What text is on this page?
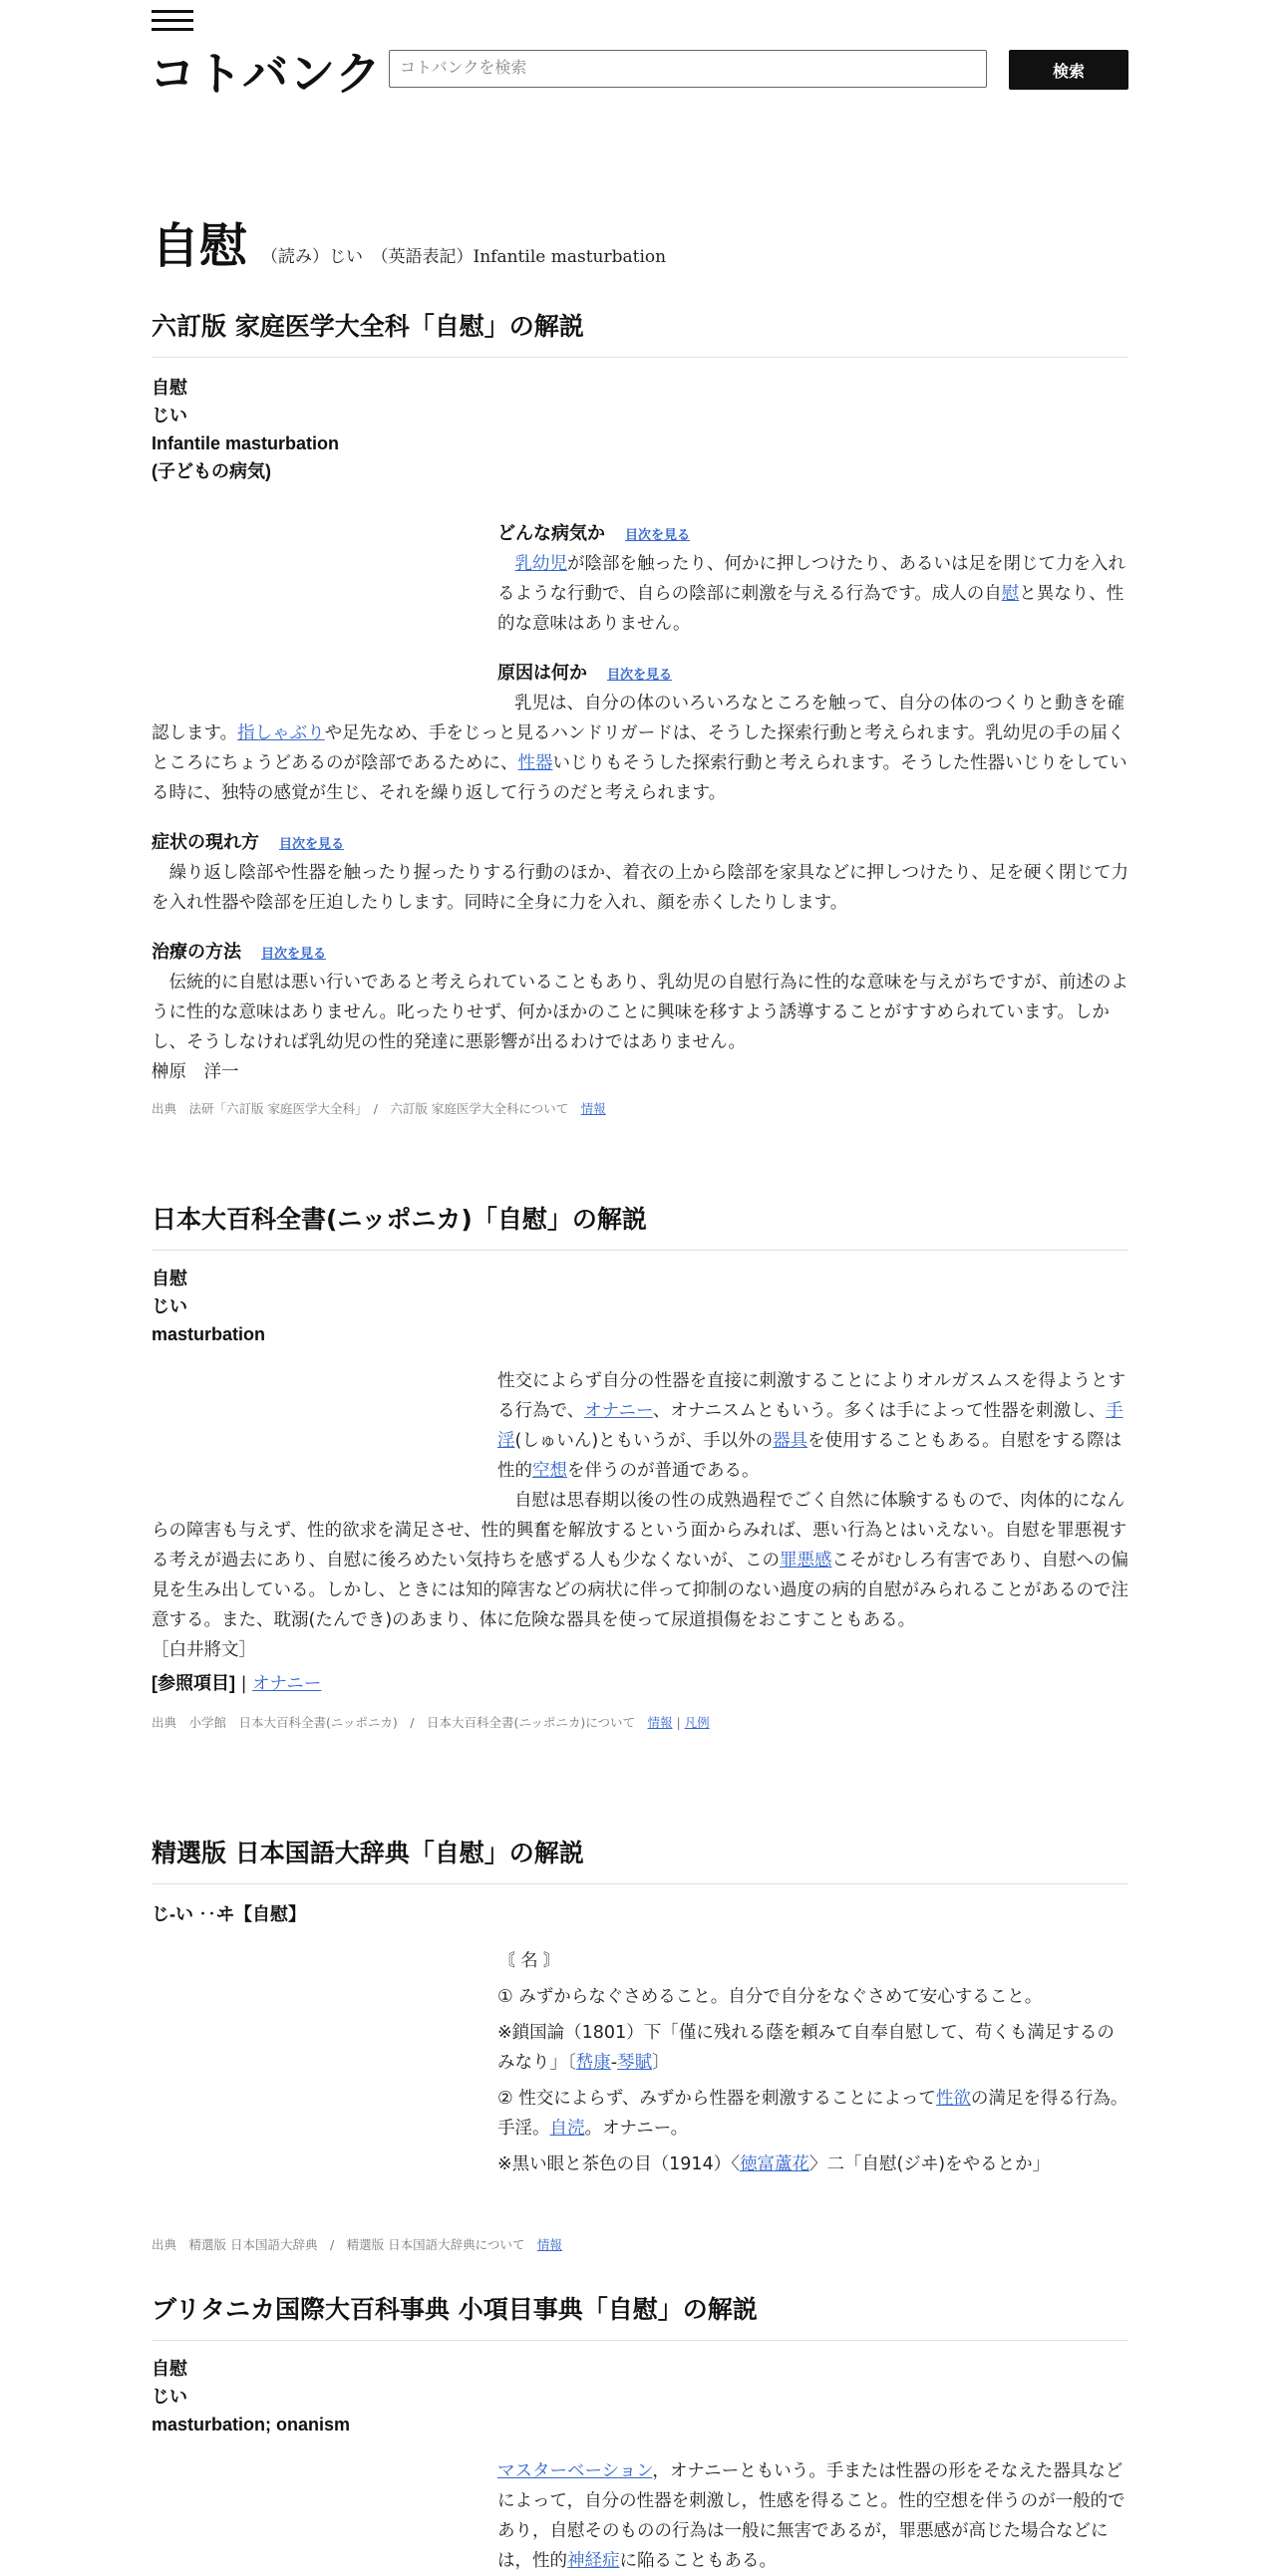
コトバンク
コトバンクを検索	検索
自慰 （読み）じい　（英語表記）Infantile masturbation
六訂版 家庭医学大全科「自慰」の解説
自慰
じい
Infantile masturbation
(子どもの病気)
どんな病気か 目次を見る

乳幼児が陰部を触ったり、何かに押しつけたり、あるいは足を閉じて力を入れるような行動で、自らの陰部に刺激を与える行為です。成人の自慰と異なり、性的な意味はありません。

原因は何か 目次を見る

乳児は、自分の体のいろいろなところを触って、自分の体のつくりと動きを確認します。指しゃぶりや足先なめ、手をじっと見るハンドリガードは、そうした探索行動と考えられます。乳幼児の手の届くところにちょうどあるのが陰部であるために、性器いじりもそうした探索行動と考えられます。そうした性器いじりをしている時に、独特の感覚が生じ、それを繰り返して行うのだと考えられます。

症状の現れ方 目次を見る

繰り返し陰部や性器を触ったり握ったりする行動のほか、着衣の上から陰部を家具などに押しつけたり、足を硬く閉じて力を入れ性器や陰部を圧迫したりします。同時に全身に力を入れ、顔を赤くしたりします。

治療の方法 目次を見る

伝統的に自慰は悪い行いであると考えられていることもあり、乳幼児の自慰行為に性的な意味を与えがちですが、前述のように性的な意味はありません。叱ったりせず、何かほかのことに興味を移すよう誘導することがすすめられています。しかし、そうしなければ乳幼児の性的発達に悪影響が出るわけではありません。

榊原　洋一

出典　法研「六訂版 家庭医学大全科」　/　六訂版 家庭医学大全科について　情報

日本大百科全書(ニッポニカ)「自慰」の解説
自慰
じい
masturbation

性交によらず自分の性器を直接に刺激することによりオルガスムスを得ようとする行為で、オナニー、オナニスムともいう。多くは手によって性器を刺激し、手淫(しゅいん)ともいうが、手以外の器具を使用することもある。自慰をする際は性的空想を伴うのが普通である。

自慰は思春期以後の性の成熟過程でごく自然に体験するもので、肉体的になんらの障害も与えず、性的欲求を満足させ、性的興奮を解放するという面からみれば、悪い行為とはいえない。自慰を罪悪視する考えが過去にあり、自慰に後ろめたい気持ちを感ずる人も少なくないが、この罪悪感こそがむしろ有害であり、自慰への偏見を生み出している。しかし、ときには知的障害などの病状に伴って抑制のない過度の病的自慰がみられることがあるので注意する。また、耽溺(たんでき)のあまり、体に危険な器具を使って尿道損傷をおこすこともある。

［白井將文］

[参照項目] | オナニー

出典　小学館　日本大百科全書(ニッポニカ)　/　日本大百科全書(ニッポニカ)について　情報 | 凡例

精選版 日本国語大辞典「自慰」の解説
じ‐い ‥ヰ【自慰】

〘 名 〙

① みずからなぐさめること。自分で自分をなぐさめて安心すること。

※鎖国論（1801）下「僅に残れる蔭を頼みて自奉自慰して、苟くも満足するのみなり」〔嵆康‐琴賦〕

② 性交によらず、みずから性器を刺激することによって性欲の満足を得る行為。手淫。自涜。オナニー。

※黒い眼と茶色の目（1914）〈徳富蘆花〉二「自慰(ジヰ)をやるとか」

出典　精選版 日本国語大辞典　/　精選版 日本国語大辞典について　情報

ブリタニカ国際大百科事典 小項目事典「自慰」の解説
自慰
じい
masturbation; onanism

マスターベーション，オナニーともいう。手または性器の形をそなえた器具などによって，自分の性器を刺激し，性感を得ること。性的空想を伴うのが一般的であり，自慰そのものの行為は一般に無害であるが，罪悪感が高じた場合などには，性的神経症に陥ることもある。
